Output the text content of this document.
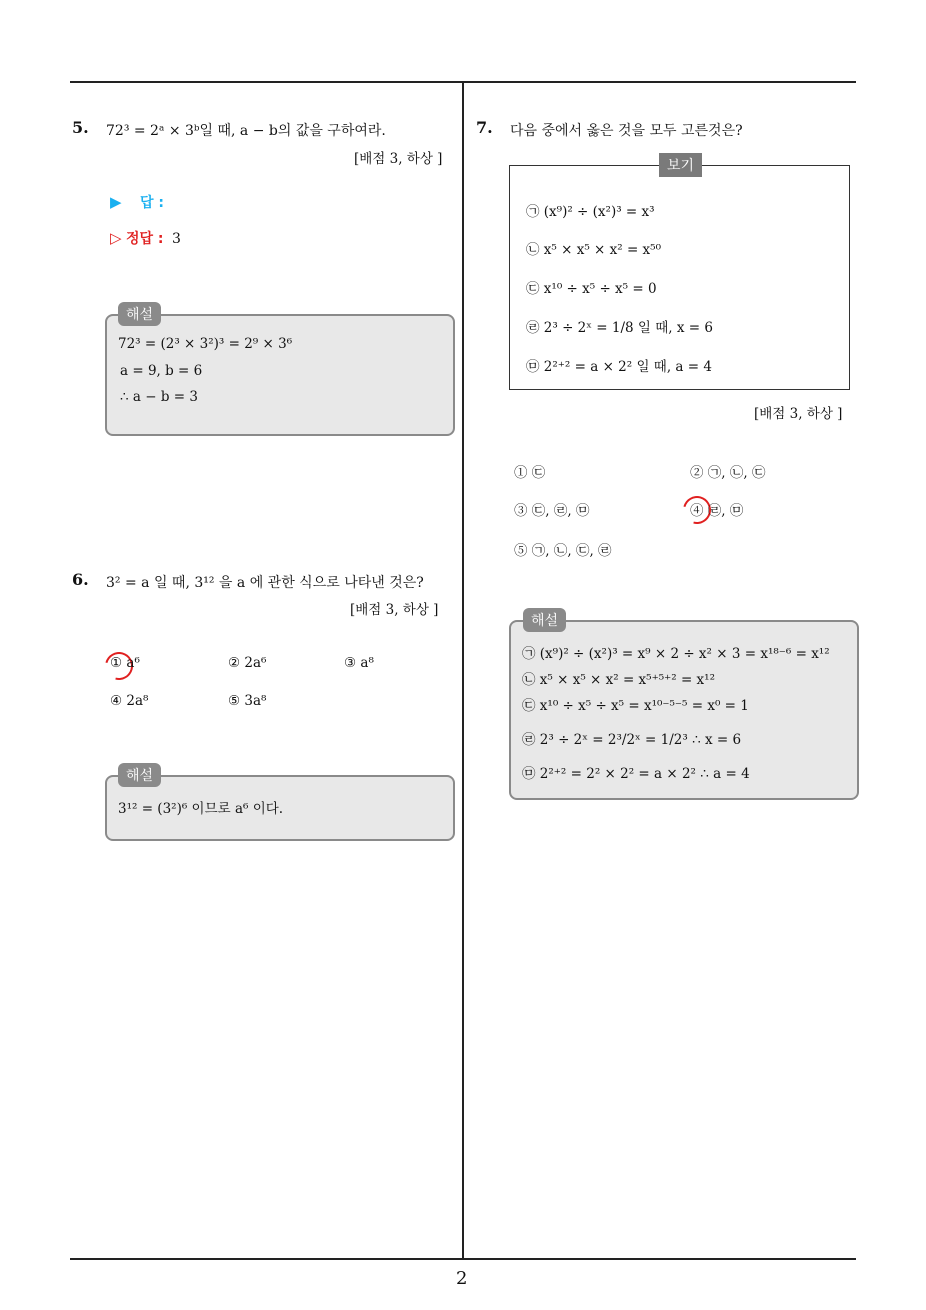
2
5. 72³ = 2ᵃ × 3ᵇ일 때, a − b의 값을 구하여라.
[배점 3, 하상 ]
▶ 답 :
▷ 정답 : 3
해설
72³ = (2³ × 3²)³ = 2⁹ × 3⁶
a = 9, b = 6
∴ a − b = 3
6. 3² = a 일 때, 3¹² 을 a 에 관한 식으로 나타낸 것은?
[배점 3, 하상 ]
① a⁶	② 2a⁶	③ a⁸
④ 2a⁸	⑤ 3a⁸
해설
3¹² = (3²)⁶ 이므로 a⁶ 이다.
7. 다음 중에서 옳은 것을 모두 고른것은?
보기
㉠ (x⁹)² ÷ (x²)³ = x³
㉡ x⁵ × x⁵ × x² = x⁵⁰
㉢ x¹⁰ ÷ x⁵ ÷ x⁵ = 0
㉣ 2³ ÷ 2ˣ = 1/8 일 때, x = 6
㉤ 2²⁺² = a × 2² 일 때, a = 4
[배점 3, 하상 ]
① ㉢	② ㉠, ㉡, ㉢
③ ㉢, ㉣, ㉤	④ ㉣, ㉤
⑤ ㉠, ㉡, ㉢, ㉣
해설
㉠ (x⁹)² ÷ (x²)³ = x⁹ × 2 ÷ x² × 3 = x¹⁸⁻⁶ = x¹²
㉡ x⁵ × x⁵ × x² = x⁵⁺⁵⁺² = x¹²
㉢ x¹⁰ ÷ x⁵ ÷ x⁵ = x¹⁰⁻⁵⁻⁵ = x⁰ = 1
㉣ 2³ ÷ 2ˣ = 2³/2ˣ = 1/2³ ∴ x = 6
㉤ 2²⁺² = 2² × 2² = a × 2² ∴ a = 4
